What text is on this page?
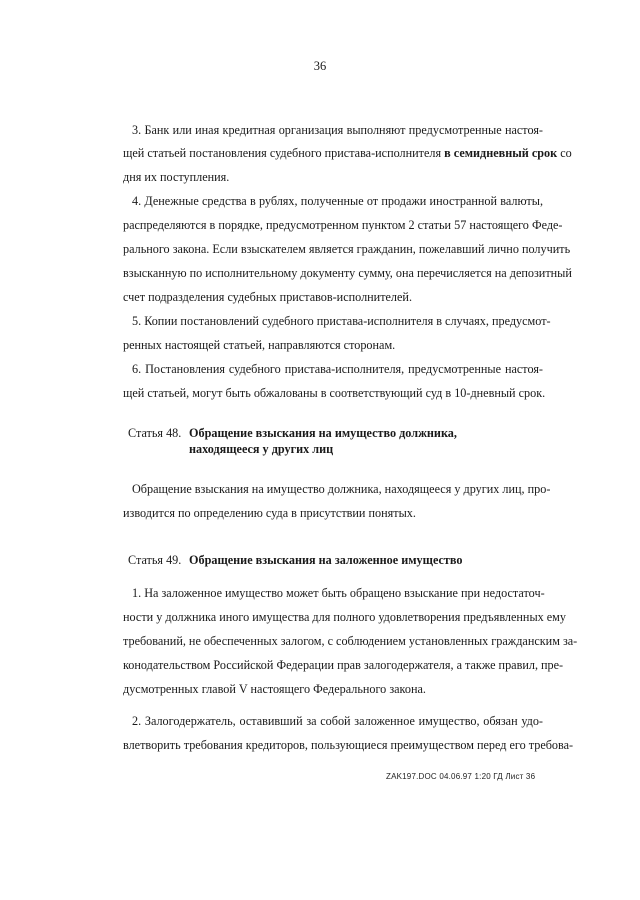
36
3. Банк или иная кредитная организация выполняют предусмотренные настоя-
щей статьей постановления судебного пристава-исполнителя в семидневный срок со
дня их поступления.
4. Денежные средства в рублях, полученные от продажи иностранной валюты,
распределяются в порядке, предусмотренном пунктом 2 статьи 57 настоящего Феде-
рального закона. Если взыскателем является гражданин, пожелавший лично получить
взысканную по исполнительному документу сумму, она перечисляется на депозитный
счет подразделения судебных приставов-исполнителей.
5. Копии постановлений судебного пристава-исполнителя в случаях, предусмот-
ренных настоящей статьей, направляются сторонам.
6. Постановления судебного пристава-исполнителя, предусмотренные настоя-
щей статьей, могут быть обжалованы в соответствующий суд в 10-дневный срок.
Статья 48. Обращение взыскания на имущество должника,
находящееся у других лиц
Обращение взыскания на имущество должника, находящееся у других лиц, про-
изводится по определению суда в присутствии понятых.
Статья 49. Обращение взыскания на заложенное имущество
1. На заложенное имущество может быть обращено взыскание при недостаточ-
ности у должника иного имущества для полного удовлетворения предъявленных ему
требований, не обеспеченных залогом, с соблюдением установленных гражданским за-
конодательством Российской Федерации прав залогодержателя, а также правил, пре-
дусмотренных главой V настоящего Федерального закона.
2. Залогодержатель, оставивший за собой заложенное имущество, обязан удо-
влетворить требования кредиторов, пользующиеся преимуществом перед его требова-
ZAK197.DOC 04.06.97 1:20 ГД Лист 36
